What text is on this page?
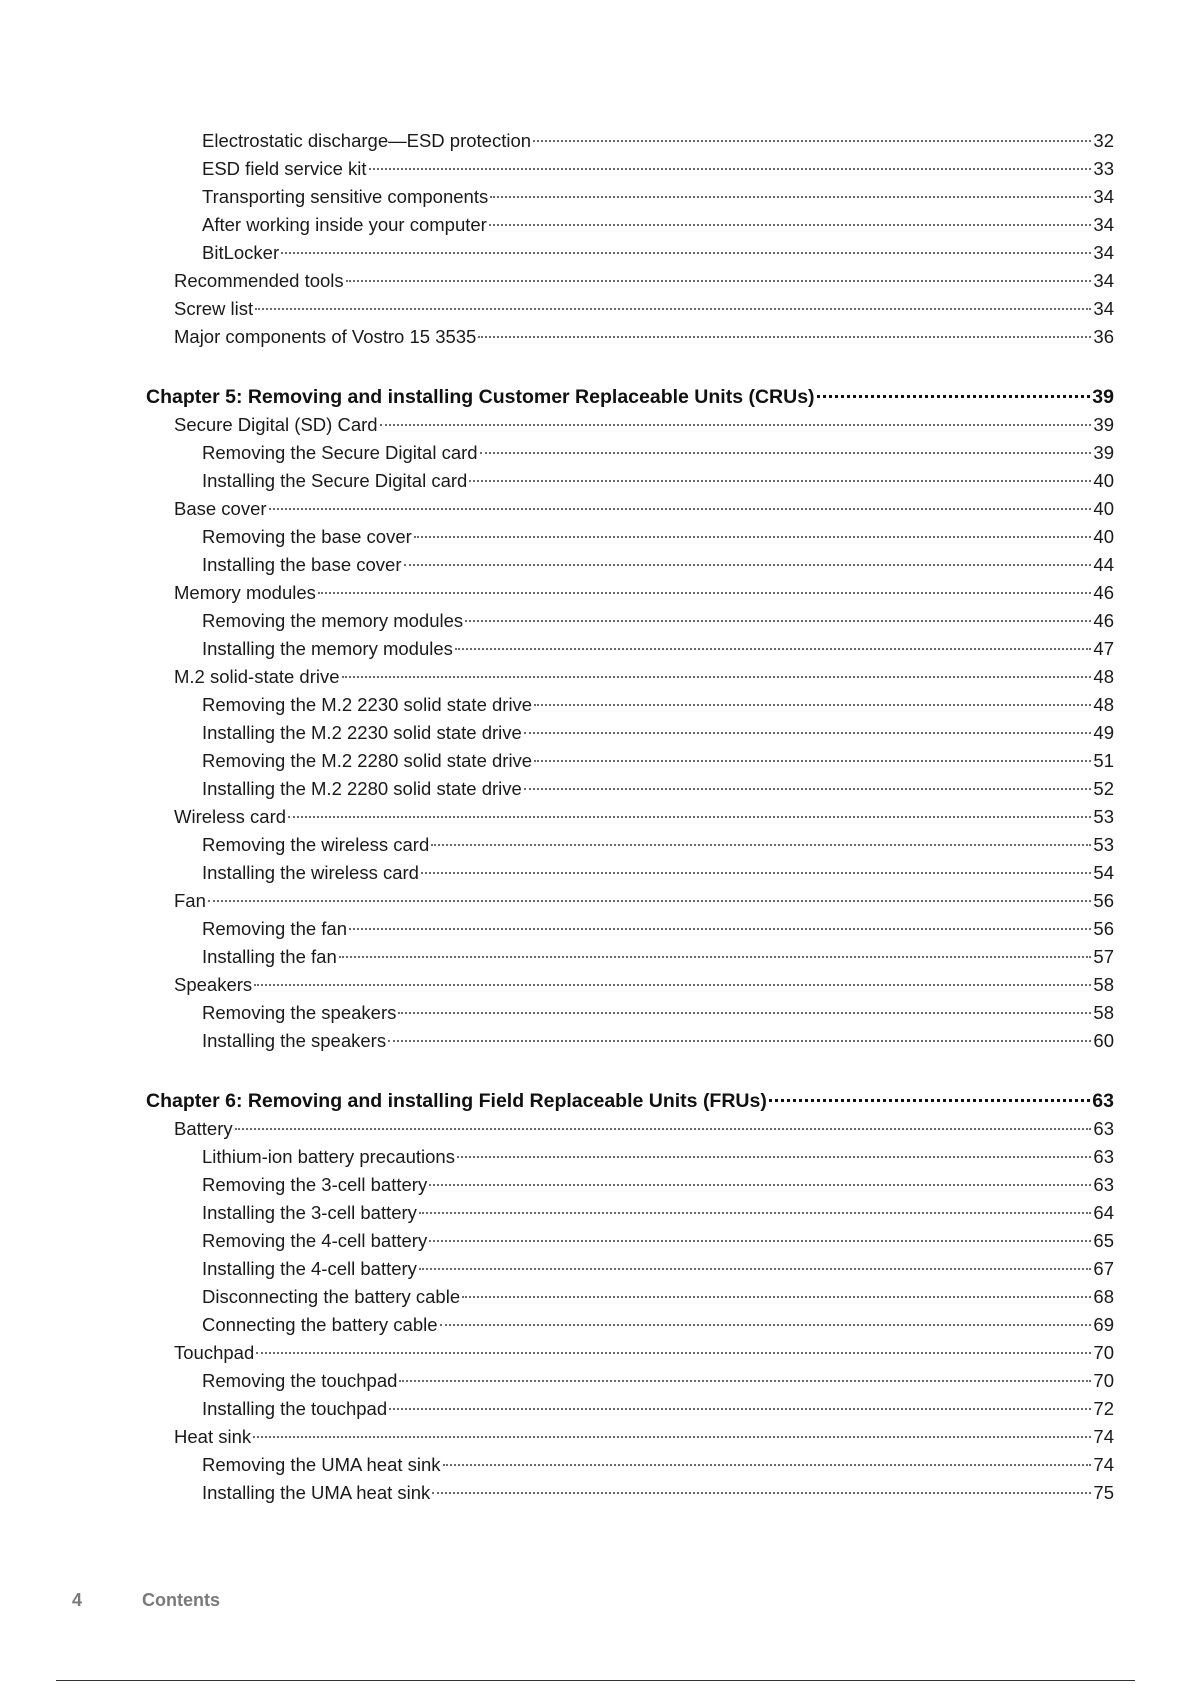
Electrostatic discharge—ESD protection	32
ESD field service kit	33
Transporting sensitive components	34
After working inside your computer	34
BitLocker	34
Recommended tools	34
Screw list	34
Major components of Vostro 15 3535	36
Chapter 5: Removing and installing Customer Replaceable Units (CRUs)	39
Secure Digital (SD) Card	39
Removing the Secure Digital card	39
Installing the Secure Digital card	40
Base cover	40
Removing the base cover	40
Installing the base cover	44
Memory modules	46
Removing the memory modules	46
Installing the memory modules	47
M.2 solid-state drive	48
Removing the M.2 2230 solid state drive	48
Installing the M.2 2230 solid state drive	49
Removing the M.2 2280 solid state drive	51
Installing the M.2 2280 solid state drive	52
Wireless card	53
Removing the wireless card	53
Installing the wireless card	54
Fan	56
Removing the fan	56
Installing the fan	57
Speakers	58
Removing the speakers	58
Installing the speakers	60
Chapter 6: Removing and installing Field Replaceable Units (FRUs)	63
Battery	63
Lithium-ion battery precautions	63
Removing the 3-cell battery	63
Installing the 3-cell battery	64
Removing the 4-cell battery	65
Installing the 4-cell battery	67
Disconnecting the battery cable	68
Connecting the battery cable	69
Touchpad	70
Removing the touchpad	70
Installing the touchpad	72
Heat sink	74
Removing the UMA heat sink	74
Installing the UMA heat sink	75
4	Contents
